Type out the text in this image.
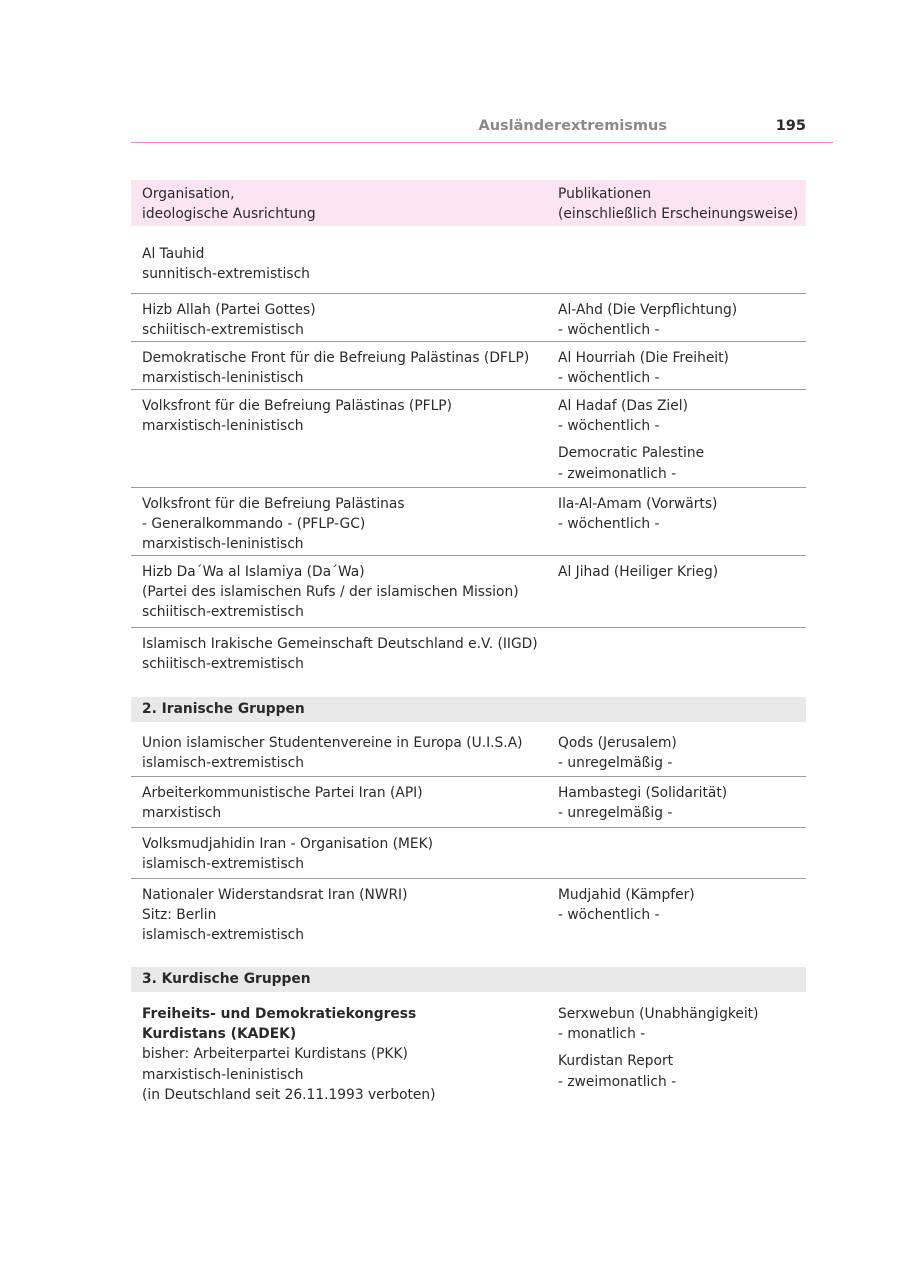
Ausländerextremismus	195
Organisation,
ideologische Ausrichtung
Publikationen
(einschließlich Erscheinungsweise)
Al Tauhid
sunnitisch-extremistisch
Hizb Allah (Partei Gottes)
schiitisch-extremistisch
Al-Ahd (Die Verpflichtung)
- wöchentlich -
Demokratische Front für die Befreiung Palästinas (DFLP)
marxistisch-leninistisch
Al Hourriah (Die Freiheit)
- wöchentlich -
Volksfront für die Befreiung Palästinas (PFLP)
marxistisch-leninistisch
Al Hadaf (Das Ziel)
- wöchentlich -
Democratic Palestine
- zweimonatlich -
Volksfront für die Befreiung Palästinas
- Generalkommando - (PFLP-GC)
marxistisch-leninistisch
Ila-Al-Amam (Vorwärts)
- wöchentlich -
Hizb Da´Wa al Islamiya (Da´Wa)
(Partei des islamischen Rufs / der islamischen Mission)
schiitisch-extremistisch
Al Jihad (Heiliger Krieg)
Islamisch Irakische Gemeinschaft Deutschland e.V. (IIGD)
schiitisch-extremistisch
2. Iranische Gruppen
Union islamischer Studentenvereine in Europa (U.I.S.A)
islamisch-extremistisch
Qods (Jerusalem)
- unregelmäßig -
Arbeiterkommunistische Partei Iran (API)
marxistisch
Hambastegi (Solidarität)
- unregelmäßig -
Volksmudjahidin Iran - Organisation (MEK)
islamisch-extremistisch
Nationaler Widerstandsrat Iran (NWRI)
Sitz: Berlin
islamisch-extremistisch
Mudjahid (Kämpfer)
- wöchentlich -
3. Kurdische Gruppen
Freiheits- und Demokratiekongress
Kurdistans (KADEK)
bisher: Arbeiterpartei Kurdistans (PKK)
marxistisch-leninistisch
(in Deutschland seit 26.11.1993 verboten)
Serxwebun (Unabhängigkeit)
- monatlich -
Kurdistan Report
- zweimonatlich -
